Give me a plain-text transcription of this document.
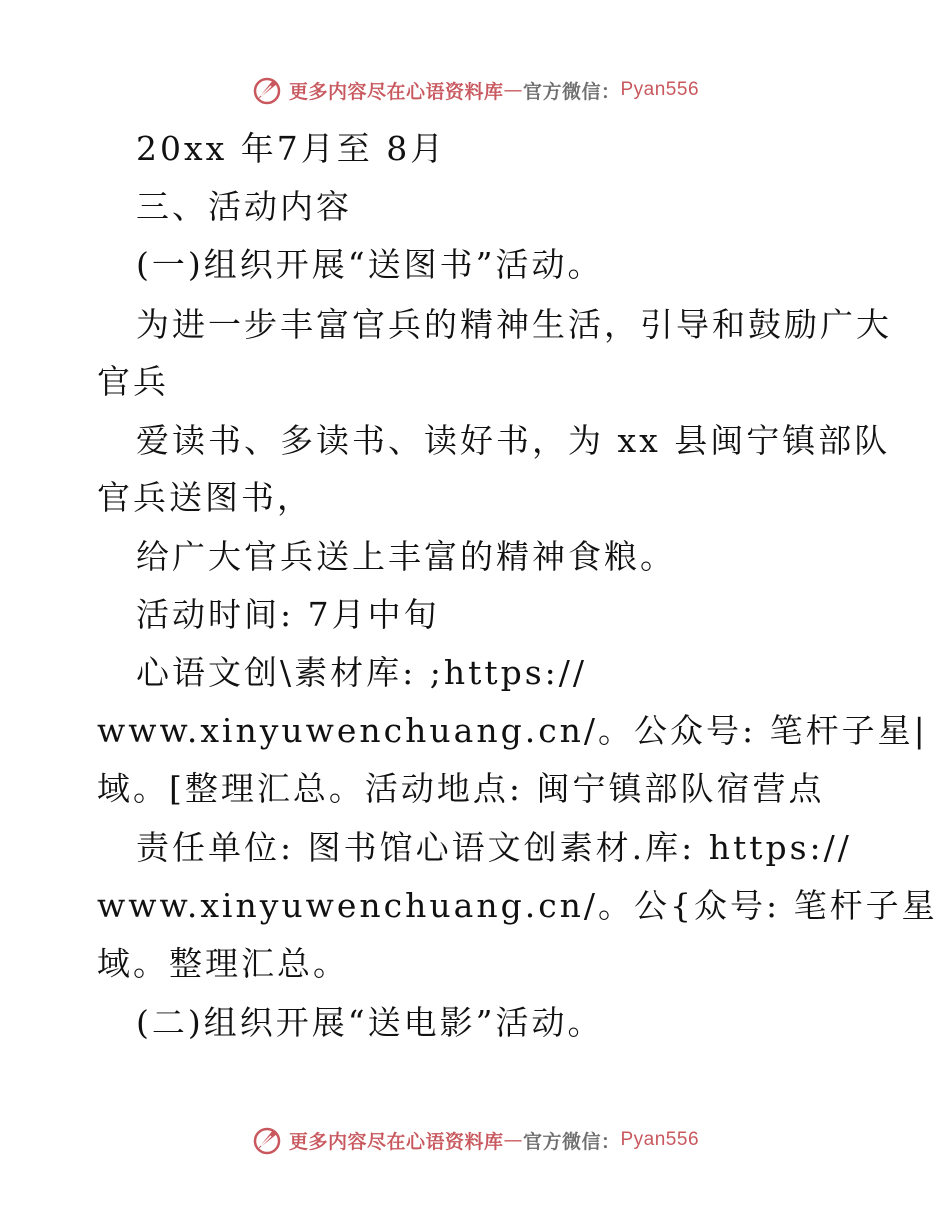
更多内容尽在心语资料库 — 官方微信： Pyan556
20xx 年7月至 8月
三、活动内容
(一)组织开展“送图书”活动。
为进一步丰富官兵的精神生活，引导和鼓励广大
官兵
爱读书、多读书、读好书，为 xx 县闽宁镇部队
官兵送图书，
给广大官兵送上丰富的精神食粮。
活动时间: 7月中旬
心语文创\素材库: ;https://
www.xinyuwenchuang.cn/。公众号: 笔杆子星|
域。[整理汇总。活动地点: 闽宁镇部队宿营点
责任单位: 图书馆心语文创素材.库: https://
www.xinyuwenchuang.cn/。公{众号: 笔杆子星
域。整理汇总。
(二)组织开展“送电影”活动。
更多内容尽在心语资料库 — 官方微信： Pyan556
